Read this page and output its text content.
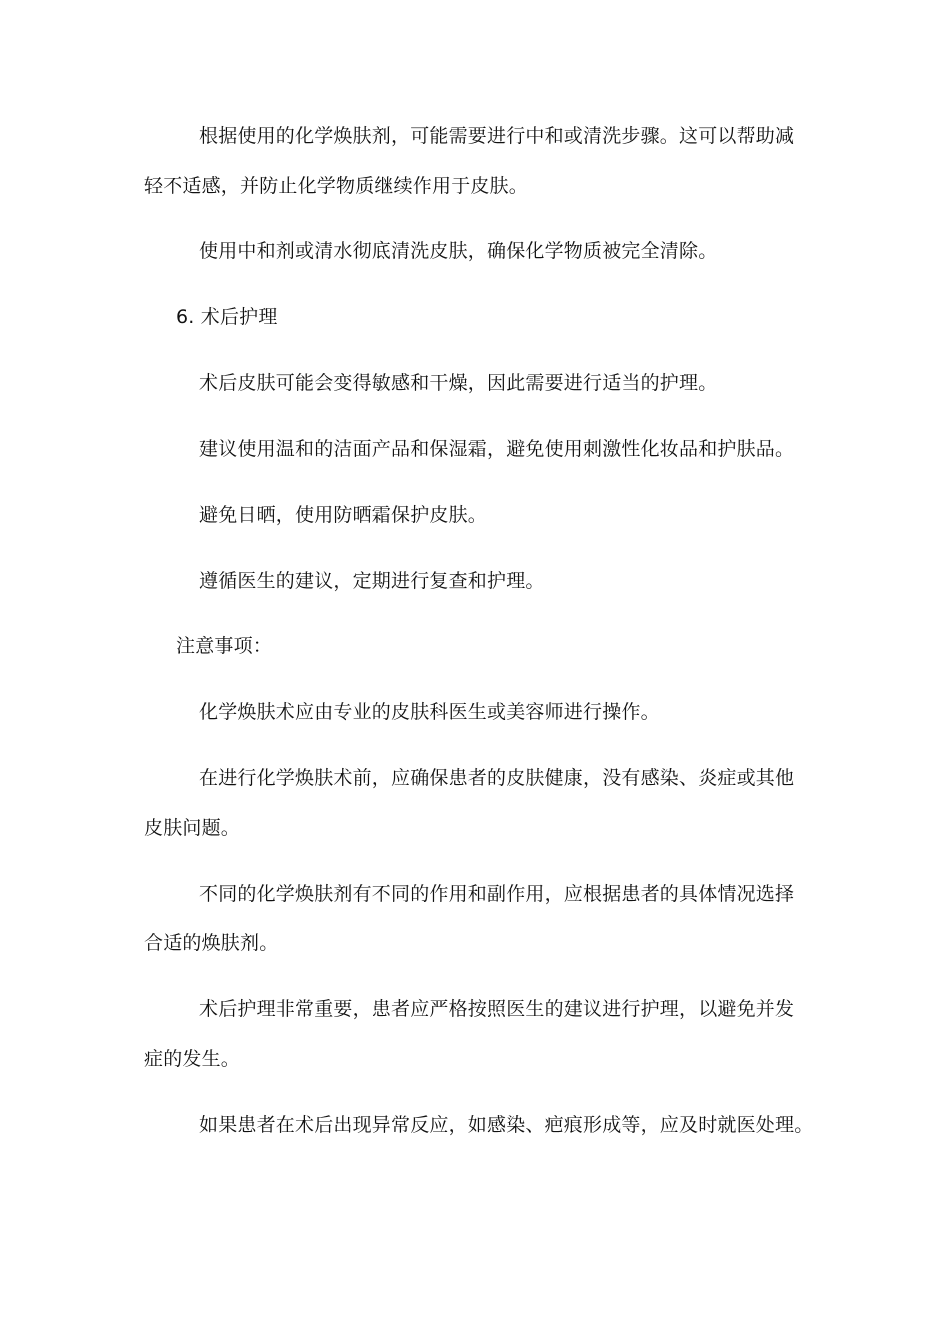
根据使用的化学焕肤剂，可能需要进行中和或清洗步骤。这可以帮助减

轻不适感，并防止化学物质继续作用于皮肤。

使用中和剂或清水彻底清洗皮肤，确保化学物质被完全清除。

6. 术后护理

术后皮肤可能会变得敏感和干燥，因此需要进行适当的护理。

建议使用温和的洁面产品和保湿霜，避免使用刺激性化妆品和护肤品。

避免日晒，使用防晒霜保护皮肤。

遵循医生的建议，定期进行复查和护理。

注意事项：

化学焕肤术应由专业的皮肤科医生或美容师进行操作。

在进行化学焕肤术前，应确保患者的皮肤健康，没有感染、炎症或其他

皮肤问题。

不同的化学焕肤剂有不同的作用和副作用，应根据患者的具体情况选择

合适的焕肤剂。

术后护理非常重要，患者应严格按照医生的建议进行护理，以避免并发

症的发生。

如果患者在术后出现异常反应，如感染、疤痕形成等，应及时就医处理。
